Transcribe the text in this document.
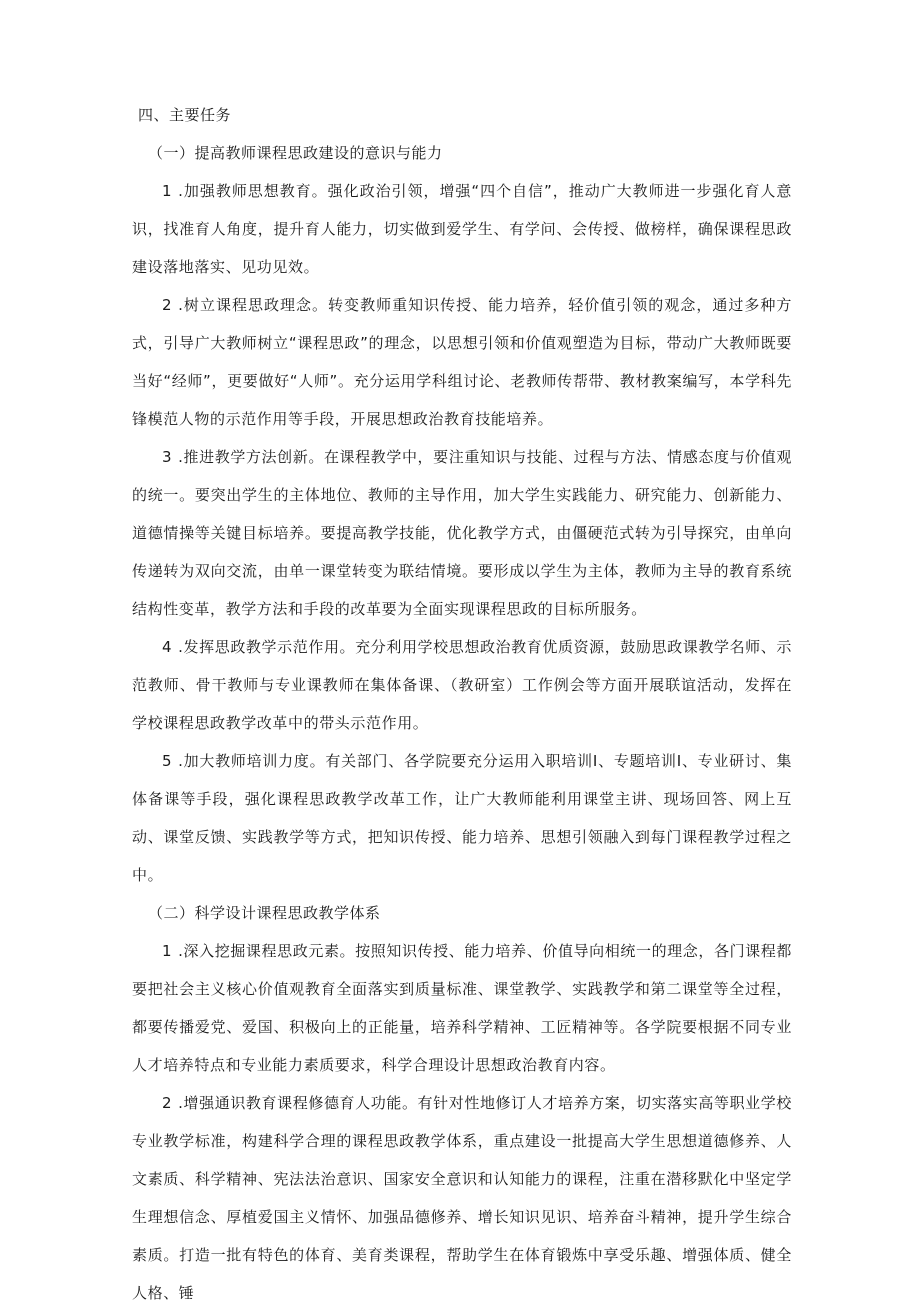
四、主要任务

（一）提高教师课程思政建设的意识与能力

1 .加强教师思想教育。强化政治引领，增强“四个自信”，推动广大教师进一步强化育人意识，找准育人角度，提升育人能力，切实做到爱学生、有学问、会传授、做榜样，确保课程思政建设落地落实、见功见效。

2 .树立课程思政理念。转变教师重知识传授、能力培养，轻价值引领的观念，通过多种方式，引导广大教师树立“课程思政”的理念，以思想引领和价值观塑造为目标，带动广大教师既要当好“经师”，更要做好“人师”。充分运用学科组讨论、老教师传帮带、教材教案编写，本学科先锋模范人物的示范作用等手段，开展思想政治教育技能培养。

3 .推进教学方法创新。在课程教学中，要注重知识与技能、过程与方法、情感态度与价值观的统一。要突出学生的主体地位、教师的主导作用，加大学生实践能力、研究能力、创新能力、道德情操等关键目标培养。要提高教学技能，优化教学方式，由僵硬范式转为引导探究，由单向传递转为双向交流，由单一课堂转变为联结情境。要形成以学生为主体，教师为主导的教育系统结构性变革，教学方法和手段的改革要为全面实现课程思政的目标所服务。

4 .发挥思政教学示范作用。充分利用学校思想政治教育优质资源，鼓励思政课教学名师、示范教师、骨干教师与专业课教师在集体备课、（教研室）工作例会等方面开展联谊活动，发挥在学校课程思政教学改革中的带头示范作用。

5 .加大教师培训力度。有关部门、各学院要充分运用入职培训I、专题培训I、专业研讨、集体备课等手段，强化课程思政教学改革工作，让广大教师能利用课堂主讲、现场回答、网上互动、课堂反馈、实践教学等方式，把知识传授、能力培养、思想引领融入到每门课程教学过程之中。

（二）科学设计课程思政教学体系

1 .深入挖掘课程思政元素。按照知识传授、能力培养、价值导向相统一的理念，各门课程都要把社会主义核心价值观教育全面落实到质量标准、课堂教学、实践教学和第二课堂等全过程，都要传播爱党、爱国、积极向上的正能量，培养科学精神、工匠精神等。各学院要根据不同专业人才培养特点和专业能力素质要求，科学合理设计思想政治教育内容。

2 .增强通识教育课程修德育人功能。有针对性地修订人才培养方案，切实落实高等职业学校专业教学标准，构建科学合理的课程思政教学体系，重点建设一批提高大学生思想道德修养、人文素质、科学精神、宪法法治意识、国家安全意识和认知能力的课程，注重在潜移默化中坚定学生理想信念、厚植爱国主义情怀、加强品德修养、增长知识见识、培养奋斗精神，提升学生综合素质。打造一批有特色的体育、美育类课程，帮助学生在体育锻炼中享受乐趣、增强体质、健全人格、锤
